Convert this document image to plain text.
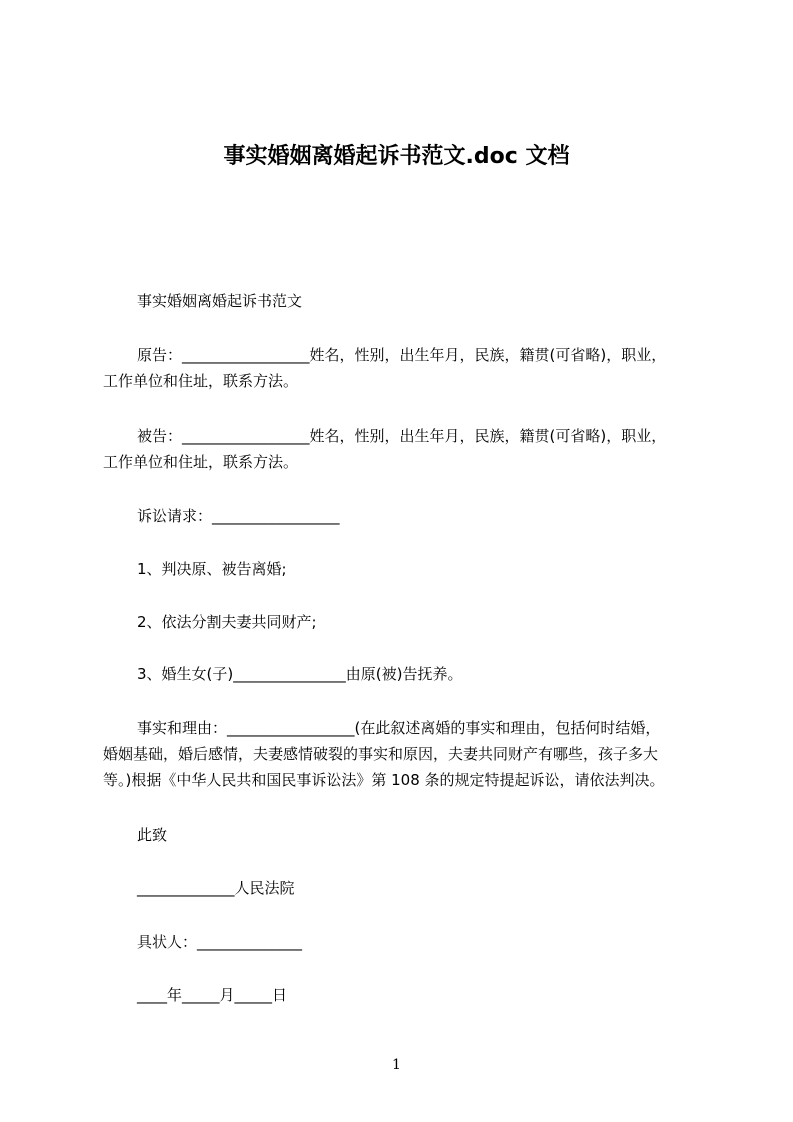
事实婚姻离婚起诉书范文.doc 文档
事实婚姻离婚起诉书范文
原告：_________________姓名，性别，出生年月，民族，籍贯(可省略)，职业，
工作单位和住址，联系方法。
被告：_________________姓名，性别，出生年月，民族，籍贯(可省略)，职业，
工作单位和住址，联系方法。
诉讼请求：_________________
1、判决原、被告离婚;
2、依法分割夫妻共同财产;
3、婚生女(子)_______________由原(被)告抚养。

事实和理由：_________________(在此叙述离婚的事实和理由，包括何时结婚，

婚姻基础，婚后感情，夫妻感情破裂的事实和原因，夫妻共同财产有哪些，孩子多大

等。)根据《中华人民共和国民事诉讼法》第 108 条的规定特提起诉讼，请依法判决。

此致
_____________人民法院
具状人：______________
____年_____月_____日
1
